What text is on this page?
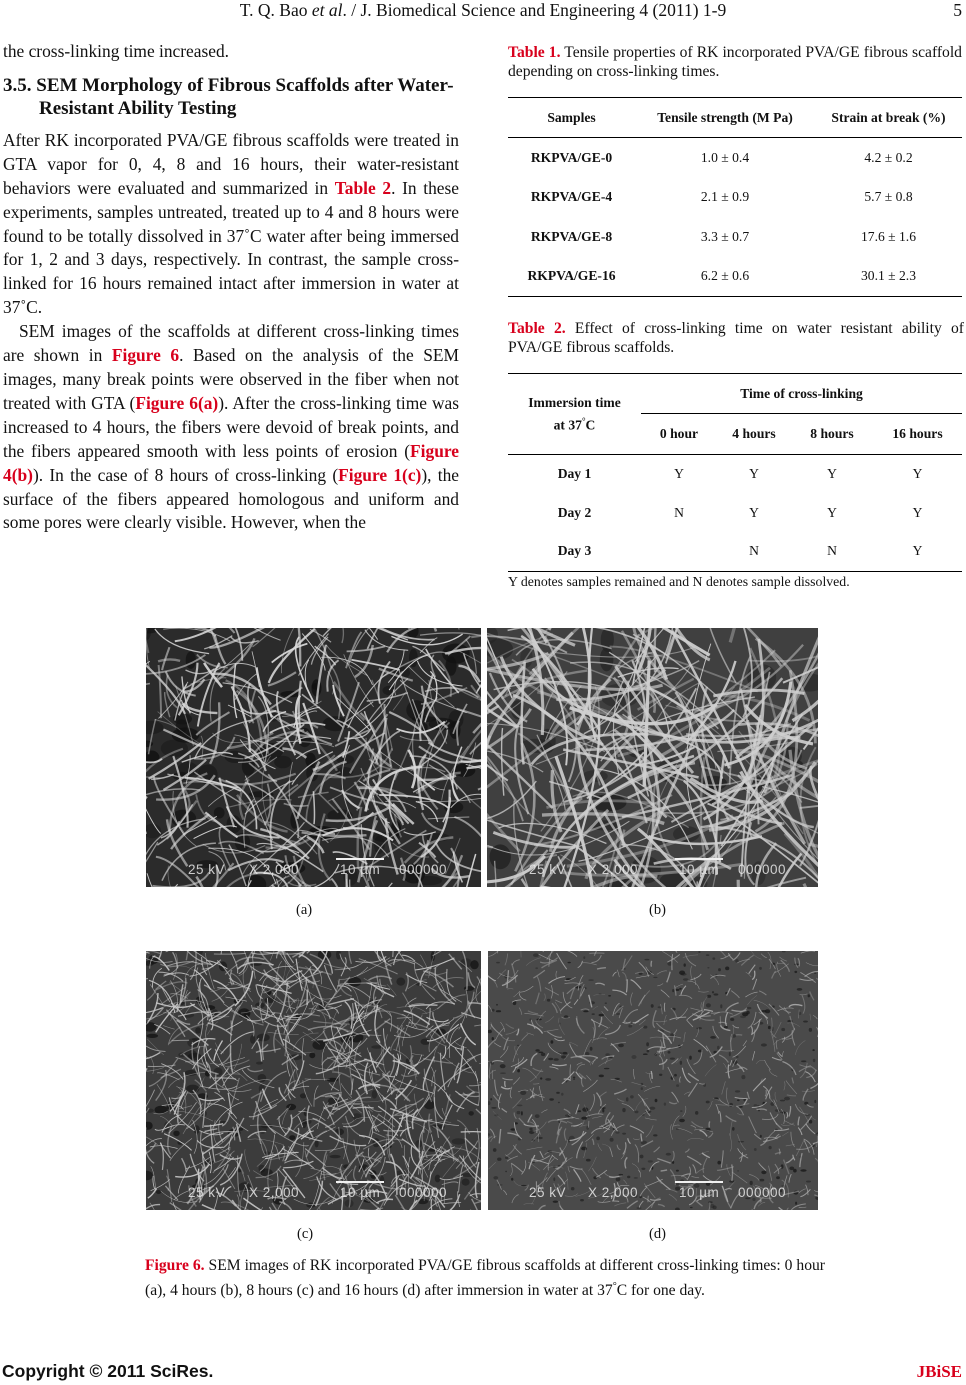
T. Q. Bao et al. / J. Biomedical Science and Engineering 4 (2011) 1-9	5

the cross-linking time increased.

3.5. SEM Morphology of Fibrous Scaffolds after Water-Resistant Ability Testing

After RK incorporated PVA/GE fibrous scaffolds were treated in GTA vapor for 0, 4, 8 and 16 hours, their water-resistant behaviors were evaluated and summarized in Table 2. In these experiments, samples untreated, treated up to 4 and 8 hours were found to be totally dissolved in 37˚C water after being immersed for 1, 2 and 3 days, respectively. In contrast, the sample cross-linked for 16 hours remained intact after immersion in water at 37˚C.

SEM images of the scaffolds at different cross-linking times are shown in Figure 6. Based on the analysis of the SEM images, many break points were observed in the fiber when not treated with GTA (Figure 6(a)). After the cross-linking time was increased to 4 hours, the fibers were devoid of break points, and the fibers appeared smooth with less points of erosion (Figure 4(b)). In the case of 8 hours of cross-linking (Figure 1(c)), the surface of the fibers appeared homologous and uniform and some pores were clearly visible. However, when the

Table 1. Tensile properties of RK incorporated PVA/GE fibrous scaffold depending on cross-linking times.
Samples	Tensile strength (M Pa)	Strain at break (%)
RKPVA/GE-0	1.0 ± 0.4	4.2 ± 0.2
RKPVA/GE-4	2.1 ± 0.9	5.7 ± 0.8
RKPVA/GE-8	3.3 ± 0.7	17.6 ± 1.6
RKPVA/GE-16	6.2 ± 0.6	30.1 ± 2.3
Table 2. Effect of cross-linking time on water resistant ability of PVA/GE fibrous scaffolds.
Immersion time
at 37°C	Time of cross-linking			
	0 hour	4 hours	8 hours	16 hours
Day 1	Y	Y	Y	Y
Day 2	N	Y	Y	Y
Day 3		N	N	Y
Y denotes samples remained and N denotes sample dissolved.
25 kV X 2,000	10 µm 000000	25 kV X 2,000	10 µm 000000
(a)	(b)
25 kV X 2,000	10 µm 000000	25 kV X 2,000	10 µm 000000
(c)	(d)
Figure 6. SEM images of RK incorporated PVA/GE fibrous scaffolds at different cross-linking times: 0 hour (a), 4 hours (b), 8 hours (c) and 16 hours (d) after immersion in water at 37°C for one day.
Copyright © 2011 SciRes.	JBiSE
